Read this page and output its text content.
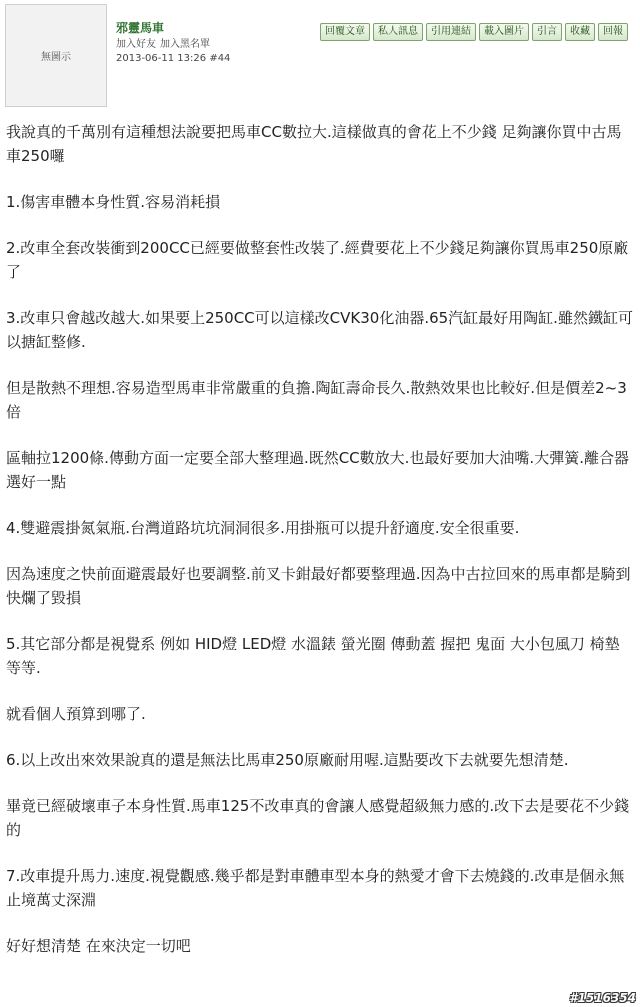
無圖示
邪靈馬車
加入好友 加入黑名單
2013-06-11 13:26 #44
回覆文章	私人訊息	引用連結	載入圖片	引言	收藏	回報

我說真的千萬別有這種想法說要把馬車CC數拉大.這樣做真的會花上不少錢 足夠讓你買中古馬車250囉

1.傷害車體本身性質.容易消耗損

2.改車全套改裝衝到200CC已經要做整套性改裝了.經費要花上不少錢足夠讓你買馬車250原廠了

3.改車只會越改越大.如果要上250CC可以這樣改CVK30化油器.65汽缸最好用陶缸.雖然鐵缸可以搪缸整修.

但是散熱不理想.容易造型馬車非常嚴重的負擔.陶缸壽命長久.散熱效果也比較好.但是價差2~3倍

區軸拉1200條.傳動方面一定要全部大整理過.既然CC數放大.也最好要加大油嘴.大彈簧.離合器選好一點

4.雙避震掛氮氣瓶.台灣道路坑坑洞洞很多.用掛瓶可以提升舒適度.安全很重要.

因為速度之快前面避震最好也要調整.前叉卡鉗最好都要整理過.因為中古拉回來的馬車都是騎到快爛了毀損

5.其它部分都是視覺系 例如 HID燈 LED燈 水溫錶 螢光圈 傳動蓋 握把 鬼面 大小包風刀 椅墊 等等.

就看個人預算到哪了.

6.以上改出來效果說真的還是無法比馬車250原廠耐用喔.這點要改下去就要先想清楚.

畢竟已經破壞車子本身性質.馬車125不改車真的會讓人感覺超級無力感的.改下去是要花不少錢的

7.改車提升馬力.速度.視覺觀感.幾乎都是對車體車型本身的熱愛才會下去燒錢的.改車是個永無止境萬丈深淵

好好想清楚 在來決定一切吧

#1516354
